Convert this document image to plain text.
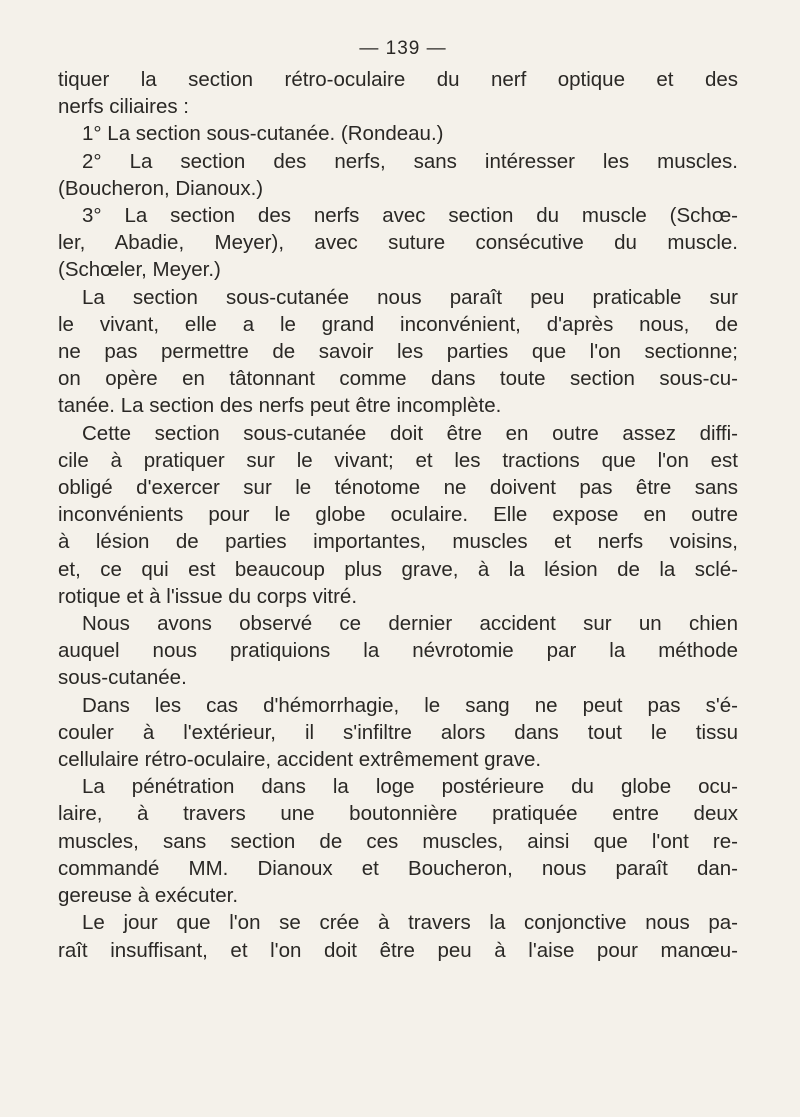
— 139 —
tiquer la section rétro-oculaire du nerf optique et des
nerfs ciliaires :
1° La section sous-cutanée. (Rondeau.)
2° La section des nerfs, sans intéresser les muscles.
(Boucheron, Dianoux.)
3° La section des nerfs avec section du muscle (Schœ-
ler, Abadie, Meyer), avec suture consécutive du muscle.
(Schœler, Meyer.)
La section sous-cutanée nous paraît peu praticable sur
le vivant, elle a le grand inconvénient, d'après nous, de
ne pas permettre de savoir les parties que l'on sectionne;
on opère en tâtonnant comme dans toute section sous-cu-
tanée. La section des nerfs peut être incomplète.
Cette section sous-cutanée doit être en outre assez diffi-
cile à pratiquer sur le vivant; et les tractions que l'on est
obligé d'exercer sur le ténotome ne doivent pas être sans
inconvénients pour le globe oculaire. Elle expose en outre
à lésion de parties importantes, muscles et nerfs voisins,
et, ce qui est beaucoup plus grave, à la lésion de la sclé-
rotique et à l'issue du corps vitré.
Nous avons observé ce dernier accident sur un chien
auquel nous pratiquions la névrotomie par la méthode
sous-cutanée.
Dans les cas d'hémorrhagie, le sang ne peut pas s'é-
couler à l'extérieur, il s'infiltre alors dans tout le tissu
cellulaire rétro-oculaire, accident extrêmement grave.
La pénétration dans la loge postérieure du globe ocu-
laire, à travers une boutonnière pratiquée entre deux
muscles, sans section de ces muscles, ainsi que l'ont re-
commandé MM. Dianoux et Boucheron, nous paraît dan-
gereuse à exécuter.
Le jour que l'on se crée à travers la conjonctive nous pa-
raît insuffisant, et l'on doit être peu à l'aise pour manœu-
